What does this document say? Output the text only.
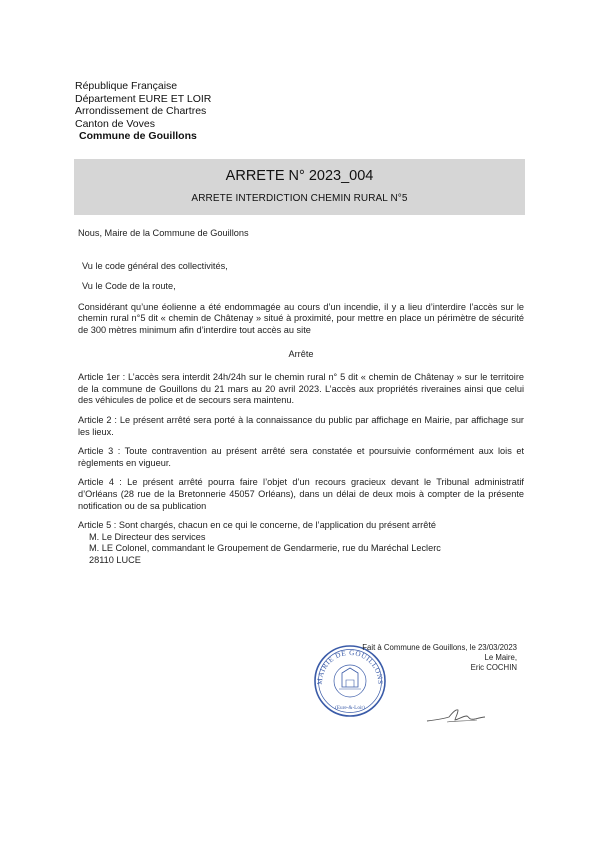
République Française
Département EURE ET LOIR
Arrondissement de Chartres
Canton de Voves
Commune de Gouillons
ARRETE N° 2023_004
ARRETE INTERDICTION CHEMIN RURAL N°5

Nous, Maire de la Commune de Gouillons

Vu le code général des collectivités,

Vu le Code de la route,

Considérant qu’une éolienne a été endommagée au cours d’un incendie, il y a lieu d’interdire l’accès sur le chemin rural n°5 dit « chemin de Châtenay » situé à proximité, pour mettre en place un périmètre de sécurité de 300 mètres minimum afin d’interdire tout accès au site

Arrête

Article 1er : L’accès sera interdit 24h/24h sur le chemin rural n° 5 dit « chemin de Châtenay » sur le territoire de la commune de Gouillons du 21 mars au 20 avril 2023. L’accès aux propriétés riveraines ainsi que celui des véhicules de police et de secours sera maintenu.

Article 2 : Le présent arrêté sera porté à la connaissance du public par affichage en Mairie, par affichage sur les lieux.

Article 3 : Toute contravention au présent arrêté sera constatée et poursuivie conformément aux lois et règlements en vigueur.

Article 4 : Le présent arrêté pourra faire l’objet d’un recours gracieux devant le Tribunal administratif d’Orléans (28 rue de la Bretonnerie 45057 Orléans), dans un délai de deux mois à compter de la présente notification ou de sa publication

Article 5 : Sont chargés, chacun en ce qui le concerne, de l’application du présent arrêté

M. Le Directeur des services

M. LE Colonel, commandant le Groupement de Gendarmerie, rue du Maréchal Leclerc

28110 LUCE

MAIRIE DE GOUILLONS
(Eure-&-Loir)
Fait à Commune de Gouillons, le 23/03/2023
Le Maire,
Eric COCHIN
